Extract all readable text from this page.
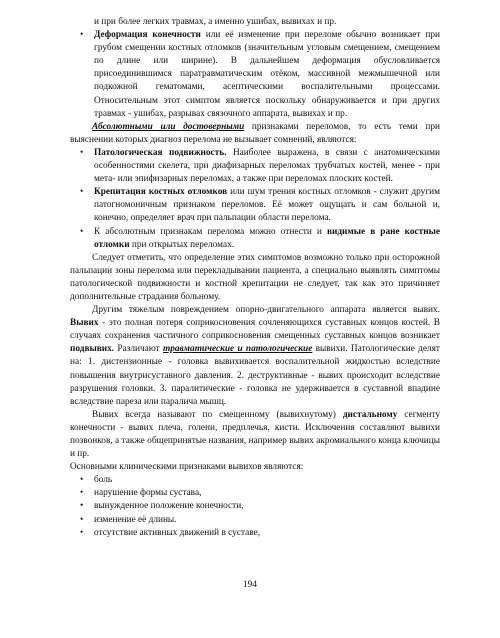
и при более легких травмах, а именно ушибах, вывихах и пр.

• Деформация конечности или её изменение при переломе обычно возникает при грубом смещении костных отломков (значительным угловым смещением, смещением по длине или ширине). В дальнейшем деформация обусловливается присоединившимся паратравматическим отёком, массивной межмышечной или подкожной гематомами, асептическими воспалительными процессами. Относительным этот симптом является поскольку обнаруживается и при других травмах - ушибах, разрывах связочного аппарата, вывихах и пр.

Абсолютными или достоверными признаками переломов, то есть теми при выяснении которых диагноз перелома не вызывает сомнений, являются:

• Патологическая подвижность. Наиболее выражена, в связи с анатомическими особенностями скелета, при диафизарных переломах трубчатых костей, менее - при мета- или эпифизарных переломах, а также при переломах плоских костей.
• Крепитация костных отломков или шум трения костных отломков - служит другим патогномоничным признаком переломов. Её может ощущать и сам больной и, конечно, определяет врач при пальпации области перелома.
• К абсолютным признакам перелома можно отнести и видимые в ране костные отломки при открытых переломах.

Следует отметить, что определение этих симптомов возможно только при осторожной пальпации зоны перелома или перекладывании пациента, а специально выявлять симптомы патологической подвижности и костной крепитации не следует, так как это причиняет дополнительные страдания больному.

Другим тяжелым повреждением опорно-двигательного аппарата является вывих. Вывих - это полная потеря соприкосновения сочленяющихся суставных концов костей. В случаях сохранения частичного соприкосновения смещенных суставных концов возникает подвывих. Различают травматические и патологические вывихи. Патологические делят на: 1. дистензионные - головка вывихивается воспалительной жидкостью вследствие повышения внутрисуставного давления. 2. деструктивные - вывих происходит вследствие разрушения головки. 3. паралитические - головка не удерживается в суставной впадине вследствие пареза или паралича мышц.

Вывих всегда называют по смещенному (вывихнутому) дистальному сегменту конечности - вывих плеча, голени, предплечья, кисти. Исключения составляют вывихи позвонков, а также общепринятые названия, например вывих акромиального конца ключицы и пр.

Основными клиническими признаками вывихов являются:

• боль
• нарушение формы сустава,
• вынужденное положение конечности,
• изменение её длины.
• отсутствие активных движений в суставе,
194
